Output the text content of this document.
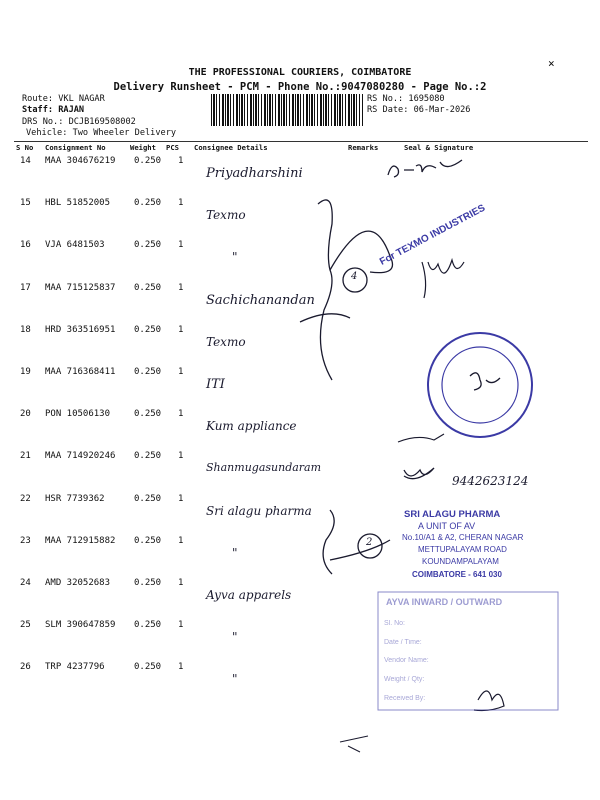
THE PROFESSIONAL COURIERS, COIMBATORE
Delivery Runsheet - PCM - Phone No.:9047080280 - Page No.:2
Route: VKL NAGAR
Staff: RAJAN
DRS No.: DCJB169508002
Vehicle: Two Wheeler Delivery
RS No.: 1695080
RS Date: 06-Mar-2026
⨯
S No Consignment No	Weight PCS Consignee Details	Remarks	Seal & Signature
14 MAA 304676219 0.250 1
Priyadharshini
15 HBL 51852005	0.250 1
Texmo
16 VJA 6481503	0.250 1
"
17 MAA 715125837 0.250 1
Sachichanandan
18 HRD 363516951 0.250 1
Texmo
19 MAA 716368411 0.250 1
ITI
20 PON 10506130	0.250 1
Kum appliance
21 MAA 714920246 0.250 1
Shanmugasundaram
22 HSR 7739362	0.250 1
Sri alagu pharma
23 MAA 712915882 0.250 1
"
24 AMD 32052683	0.250 1
Ayva apparels
25 SLM 390647859 0.250 1
"
26 TRP 4237796	0.250 1
"
4
2
9442623124
For TEXMO INDUSTRIES
SRI ALAGU PHARMA
A UNIT OF AV
No.10/A1 & A2, CHERAN NAGAR
METTUPALAYAM ROAD
KOUNDAMPALAYAM
COIMBATORE - 641 030
AYVA INWARD / OUTWARD
Sl. No:
Date / Time:
Vendor Name:
Weight / Qty:
Received By:
